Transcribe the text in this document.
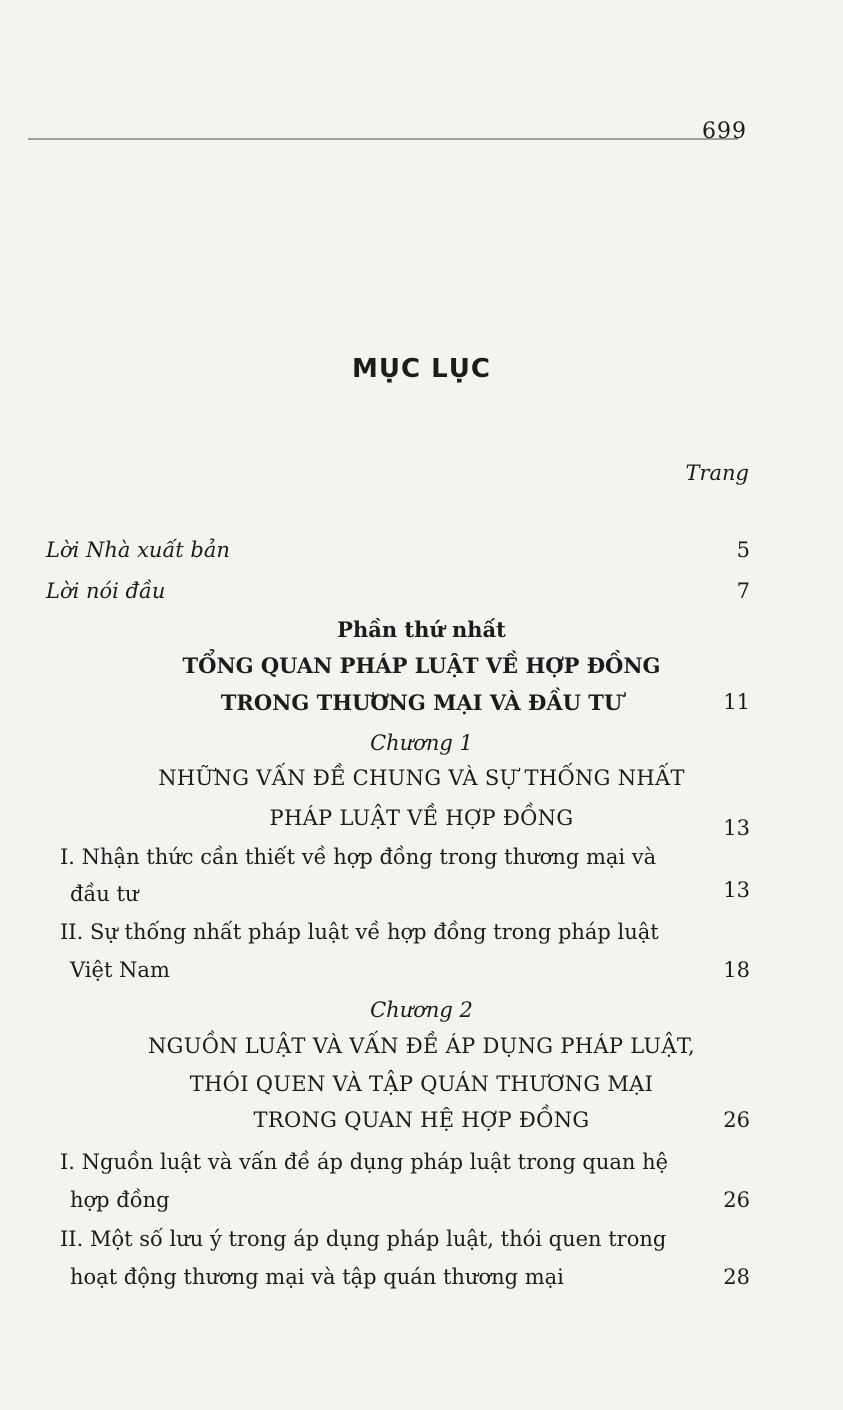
699
MỤC LỤC
Trang
Lời Nhà xuất bản	5
Lời nói đầu	7
Phần thứ nhất
TỔNG QUAN PHÁP LUẬT VỀ HỢP ĐỒNG
TRONG THƯƠNG MẠI VÀ ĐẦU TƯ	11
Chương 1
NHỮNG VẤN ĐỀ CHUNG VÀ SỰ THỐNG NHẤT
PHÁP LUẬT VỀ HỢP ĐỒNG	13
I. Nhận thức cần thiết về hợp đồng trong thương mại và
đầu tư	13
II. Sự thống nhất pháp luật về hợp đồng trong pháp luật
Việt Nam	18
Chương 2
NGUỒN LUẬT VÀ VẤN ĐỀ ÁP DỤNG PHÁP LUẬT,
THÓI QUEN VÀ TẬP QUÁN THƯƠNG MẠI
TRONG QUAN HỆ HỢP ĐỒNG	26
I. Nguồn luật và vấn đề áp dụng pháp luật trong quan hệ
hợp đồng	26
II. Một số lưu ý trong áp dụng pháp luật, thói quen trong
hoạt động thương mại và tập quán thương mại	28
